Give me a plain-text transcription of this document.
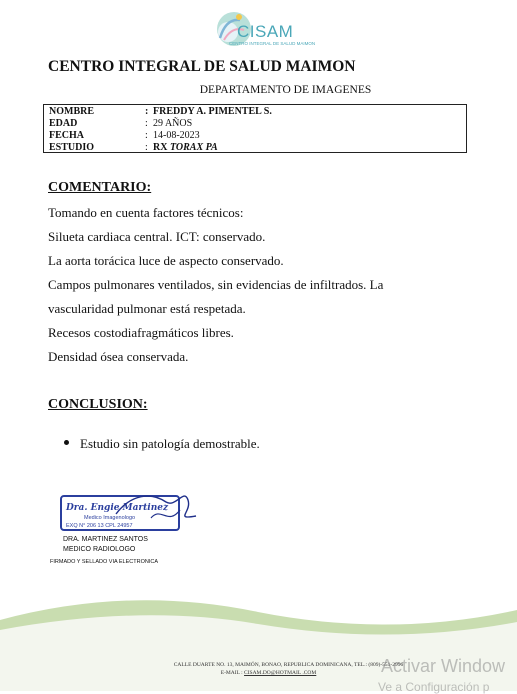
CISAM
CENTRO INTEGRAL DE SALUD MAIMON
CENTRO INTEGRAL DE SALUD MAIMON
DEPARTAMENTO DE IMAGENES
NOMBRE	: FREDDY A. PIMENTEL S.
EDAD	: 29 AÑOS
FECHA	: 14-08-2023
ESTUDIO	: RX TORAX PA
COMENTARIO:
Tomando en cuenta factores técnicos:
Silueta cardiaca central. ICT: conservado.
La aorta torácica luce de aspecto conservado.
Campos pulmonares ventilados, sin evidencias de infiltrados. La
vascularidad pulmonar está respetada.
Recesos costodiafragmáticos libres.
Densidad ósea conservada.
CONCLUSION:
Estudio sin patología demostrable.
Dra. Engie Martinez
Medico Imagenologo
EXQ N° 206 13 CPL 24957
DRA. MARTINEZ SANTOS
MEDICO RADIOLOGO
FIRMADO Y SELLADO VIA ELECTRONICA
CALLE DUARTE NO. 13, MAIMÓN, BONAO, REPUBLICA DOMINICANA, TEL.: (809)-551-2996
E-MAIL : CISAM.DO@HOTMAIL .COM	Activar Window
Ve a Configuración p
